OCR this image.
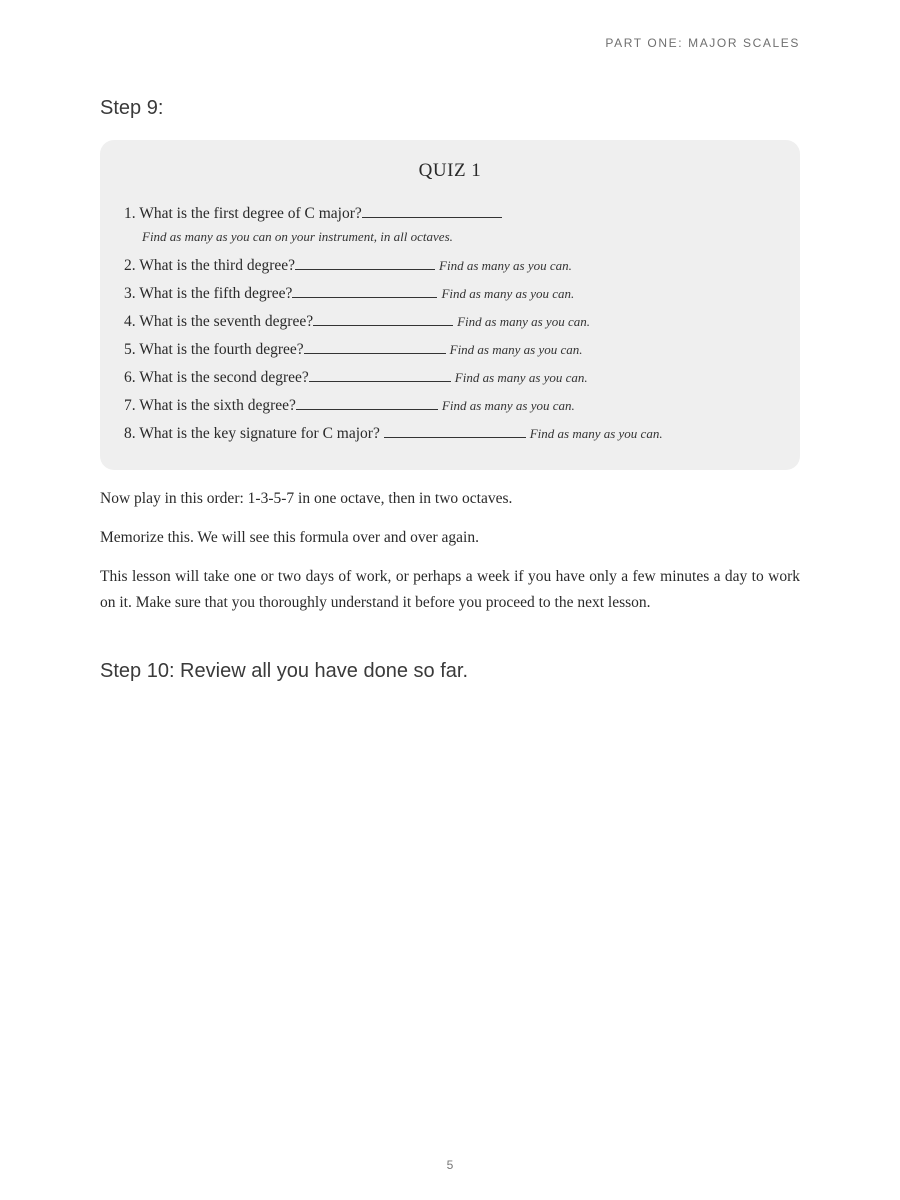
PART ONE: MAJOR SCALES
Step 9:
QUIZ 1
1. What is the first degree of C major?
Find as many as you can on your instrument, in all octaves.
2. What is the third degree?	Find as many as you can.
3. What is the fifth degree?	Find as many as you can.
4. What is the seventh degree?	Find as many as you can.
5. What is the fourth degree?	Find as many as you can.
6. What is the second degree?	Find as many as you can.
7. What is the sixth degree?	Find as many as you can.
8. What is the key signature for C major?	Find as many as you can.

Now play in this order: 1-3-5-7 in one octave, then in two octaves.

Memorize this. We will see this formula over and over again.

This lesson will take one or two days of work, or perhaps a week if you have only a few minutes a day to work on it. Make sure that you thoroughly understand it before you proceed to the next lesson.

Step 10: Review all you have done so far.
5
